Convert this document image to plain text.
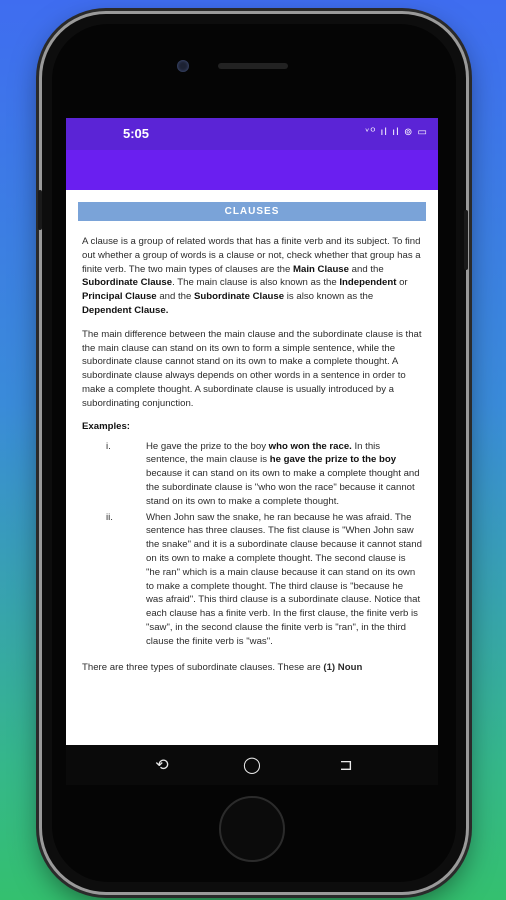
5:05	ᵛᴼ ıl ıl ⊚ ▭
CLAUSES

A clause is a group of related words that has a finite verb and its subject. To find out whether a group of words is a clause or not, check whether that group has a finite verb. The two main types of clauses are the Main Clause and the Subordinate Clause. The main clause is also known as the Independent or Principal Clause and the Subordinate Clause is also known as the Dependent Clause.

The main difference between the main clause and the subordinate clause is that the main clause can stand on its own to form a simple sentence, while the subordinate clause cannot stand on its own to make a complete thought. A subordinate clause always depends on other words in a sentence in order to make a complete thought. A subordinate clause is usually introduced by a subordinating conjunction.

Examples:
i.	He gave the prize to the boy who won the race. In this sentence, the main clause is he gave the prize to the boy because it can stand on its own to make a complete thought and the subordinate clause is "who won the race" because it cannot stand on its own to make a complete thought.
ii.	When John saw the snake, he ran because he was afraid. The sentence has three clauses. The fist clause is "When John saw the snake" and it is a subordinate clause because it cannot stand on its own to make a complete thought. The second clause is "he ran" which is a main clause because it can stand on its own to make a complete thought. The third clause is "because he was afraid". This third clause is a subordinate clause. Notice that each clause has a finite verb. In the first clause, the finite verb is "saw", in the second clause the finite verb is "ran", in the third clause the finite verb is "was".
There are three types of subordinate clauses. These are (1) Noun
⟲	◯	⊐
